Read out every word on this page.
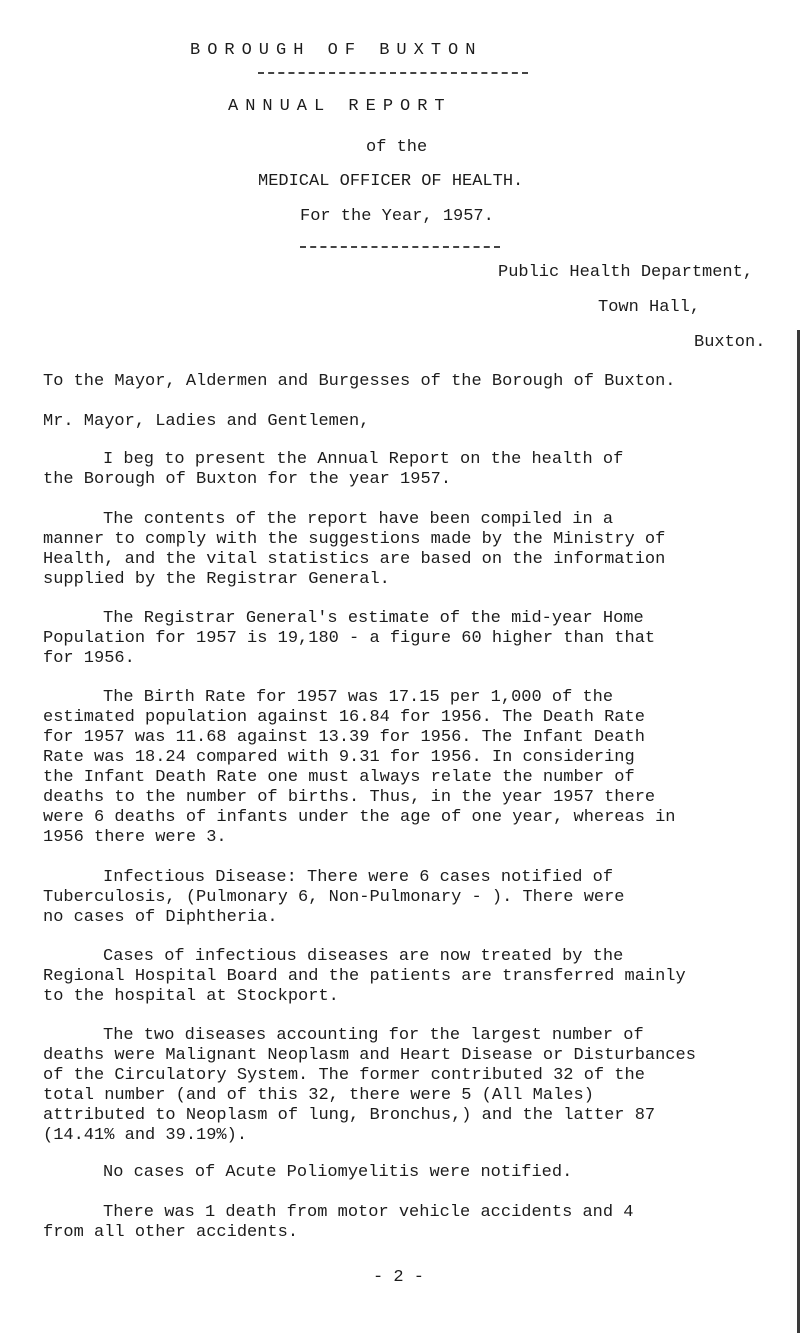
BOROUGH OF BUXTON
ANNUAL REPORT
of the
MEDICAL OFFICER OF HEALTH.
For the Year, 1957.
Public Health Department,
Town Hall,
Buxton.
To the Mayor, Aldermen and Burgesses of the Borough of Buxton.
Mr. Mayor, Ladies and Gentlemen,
I beg to present the Annual Report on the health of
the Borough of Buxton for the year 1957.
The contents of the report have been compiled in a
manner to comply with the suggestions made by the Ministry of
Health, and the vital statistics are based on the information
supplied by the Registrar General.
The Registrar General's estimate of the mid-year Home
Population for 1957 is 19,180 - a figure 60 higher than that
for 1956.
The Birth Rate for 1957 was 17.15 per 1,000 of the
estimated population against 16.84 for 1956. The Death Rate
for 1957 was 11.68 against 13.39 for 1956. The Infant Death
Rate was 18.24 compared with 9.31 for 1956. In considering
the Infant Death Rate one must always relate the number of
deaths to the number of births. Thus, in the year 1957 there
were 6 deaths of infants under the age of one year, whereas in
1956 there were 3.
Infectious Disease: There were 6 cases notified of
Tuberculosis, (Pulmonary 6, Non-Pulmonary - ). There were
no cases of Diphtheria.
Cases of infectious diseases are now treated by the
Regional Hospital Board and the patients are transferred mainly
to the hospital at Stockport.
The two diseases accounting for the largest number of
deaths were Malignant Neoplasm and Heart Disease or Disturbances
of the Circulatory System. The former contributed 32 of the
total number (and of this 32, there were 5 (All Males)
attributed to Neoplasm of lung, Bronchus,) and the latter 87
(14.41% and 39.19%).
No cases of Acute Poliomyelitis were notified.
There was 1 death from motor vehicle accidents and 4
from all other accidents.
- 2 -
